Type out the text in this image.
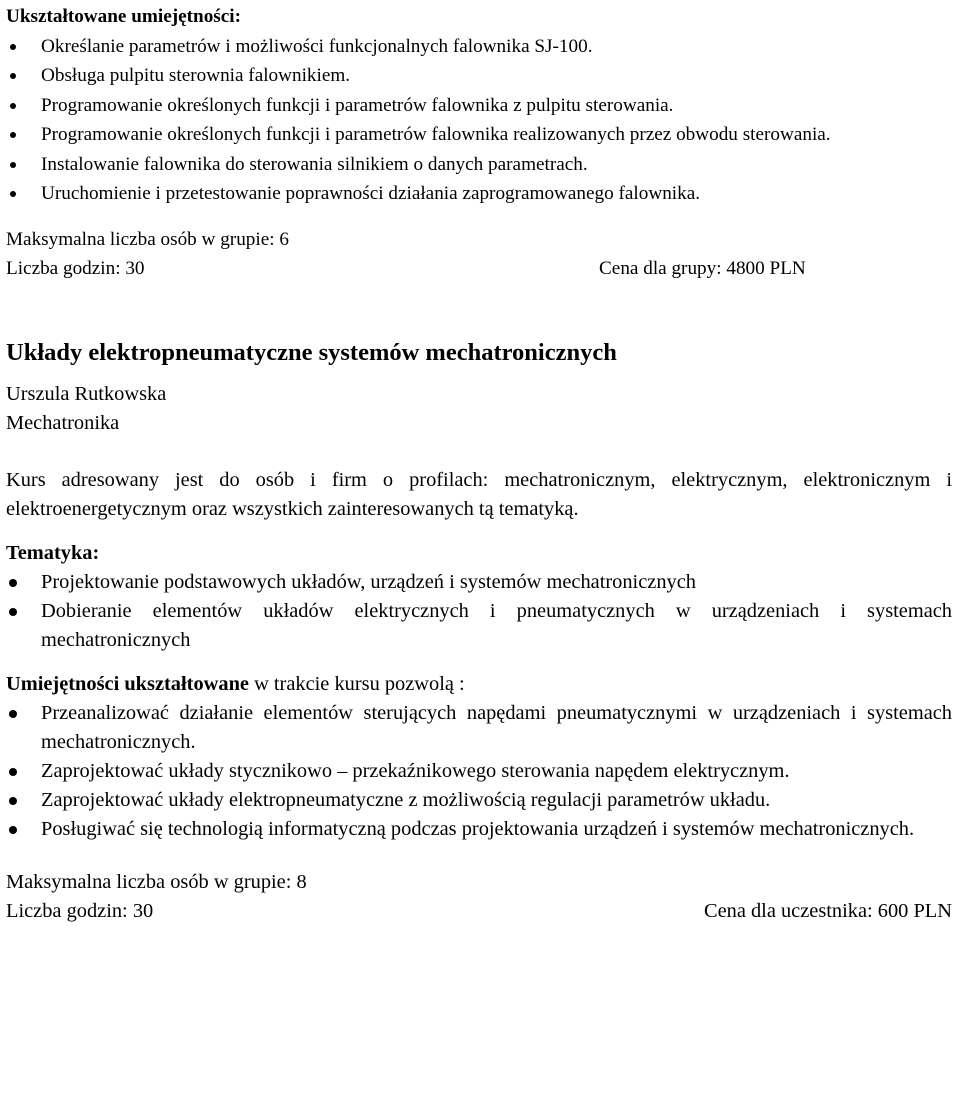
Ukształtowane umiejętności:
Określanie parametrów i możliwości funkcjonalnych falownika SJ-100.
Obsługa pulpitu sterownia falownikiem.
Programowanie określonych funkcji i parametrów falownika z pulpitu sterowania.
Programowanie określonych funkcji i parametrów falownika realizowanych przez obwodu sterowania.
Instalowanie falownika do sterowania silnikiem o danych parametrach.
Uruchomienie i przetestowanie poprawności działania zaprogramowanego falownika.
Maksymalna liczba osób w grupie: 6
Liczba godzin: 30	Cena dla grupy: 4800 PLN
Układy elektropneumatyczne systemów mechatronicznych
Urszula Rutkowska
Mechatronika
Kurs adresowany jest do osób i firm o profilach: mechatronicznym, elektrycznym, elektronicznym i elektroenergetycznym oraz wszystkich zainteresowanych tą tematyką.
Tematyka:
Projektowanie podstawowych układów, urządzeń i systemów mechatronicznych
Dobieranie elementów układów elektrycznych i pneumatycznych w urządzeniach i systemach mechatronicznych
Umiejętności ukształtowane w trakcie kursu pozwolą :
Przeanalizować działanie elementów sterujących napędami pneumatycznymi w urządzeniach i systemach mechatronicznych.
Zaprojektować układy stycznikowo – przekaźnikowego sterowania napędem elektrycznym.
Zaprojektować układy elektropneumatyczne z możliwością regulacji parametrów układu.
Posługiwać się technologią informatyczną podczas projektowania urządzeń i systemów mechatronicznych.
Maksymalna liczba osób w grupie: 8
Liczba godzin: 30	Cena dla uczestnika: 600 PLN
